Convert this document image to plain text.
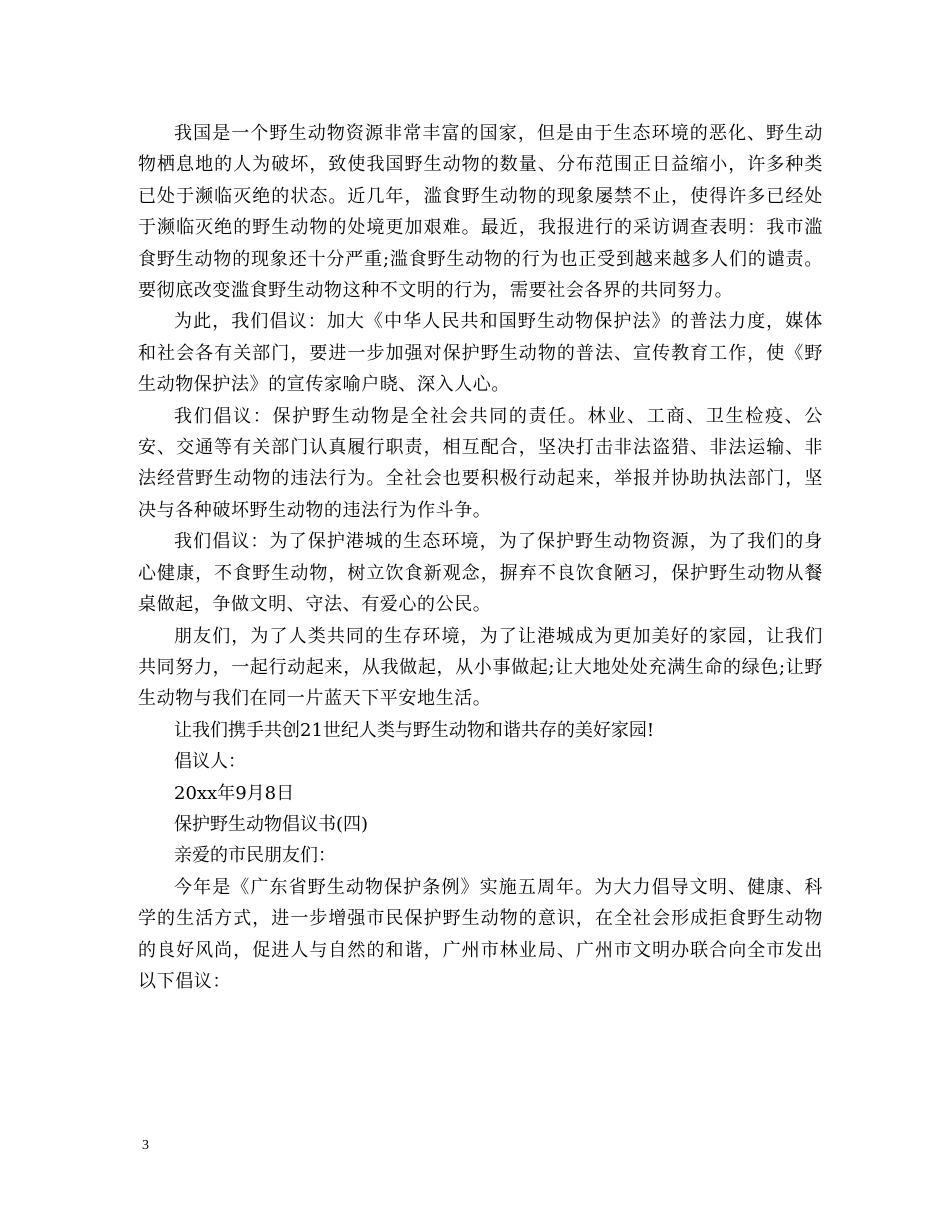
我国是一个野生动物资源非常丰富的国家，但是由于生态环境的恶化、野生动物栖息地的人为破坏，致使我国野生动物的数量、分布范围正日益缩小，许多种类已处于濒临灭绝的状态。近几年，滥食野生动物的现象屡禁不止，使得许多已经处于濒临灭绝的野生动物的处境更加艰难。最近，我报进行的采访调查表明：我市滥食野生动物的现象还十分严重;滥食野生动物的行为也正受到越来越多人们的谴责。要彻底改变滥食野生动物这种不文明的行为，需要社会各界的共同努力。

为此，我们倡议：加大《中华人民共和国野生动物保护法》的普法力度，媒体和社会各有关部门，要进一步加强对保护野生动物的普法、宣传教育工作，使《野生动物保护法》的宣传家喻户晓、深入人心。

我们倡议：保护野生动物是全社会共同的责任。林业、工商、卫生检疫、公安、交通等有关部门认真履行职责，相互配合，坚决打击非法盗猎、非法运输、非法经营野生动物的违法行为。全社会也要积极行动起来，举报并协助执法部门，坚决与各种破坏野生动物的违法行为作斗争。

我们倡议：为了保护港城的生态环境，为了保护野生动物资源，为了我们的身心健康，不食野生动物，树立饮食新观念，摒弃不良饮食陋习，保护野生动物从餐桌做起，争做文明、守法、有爱心的公民。

朋友们，为了人类共同的生存环境，为了让港城成为更加美好的家园，让我们共同努力，一起行动起来，从我做起，从小事做起;让大地处处充满生命的绿色;让野生动物与我们在同一片蓝天下平安地生活。

让我们携手共创21世纪人类与野生动物和谐共存的美好家园!

倡议人：

20xx年9月8日

保护野生动物倡议书(四)

亲爱的市民朋友们：

今年是《广东省野生动物保护条例》实施五周年。为大力倡导文明、健康、科学的生活方式，进一步增强市民保护野生动物的意识，在全社会形成拒食野生动物的良好风尚，促进人与自然的和谐，广州市林业局、广州市文明办联合向全市发出以下倡议：

3
